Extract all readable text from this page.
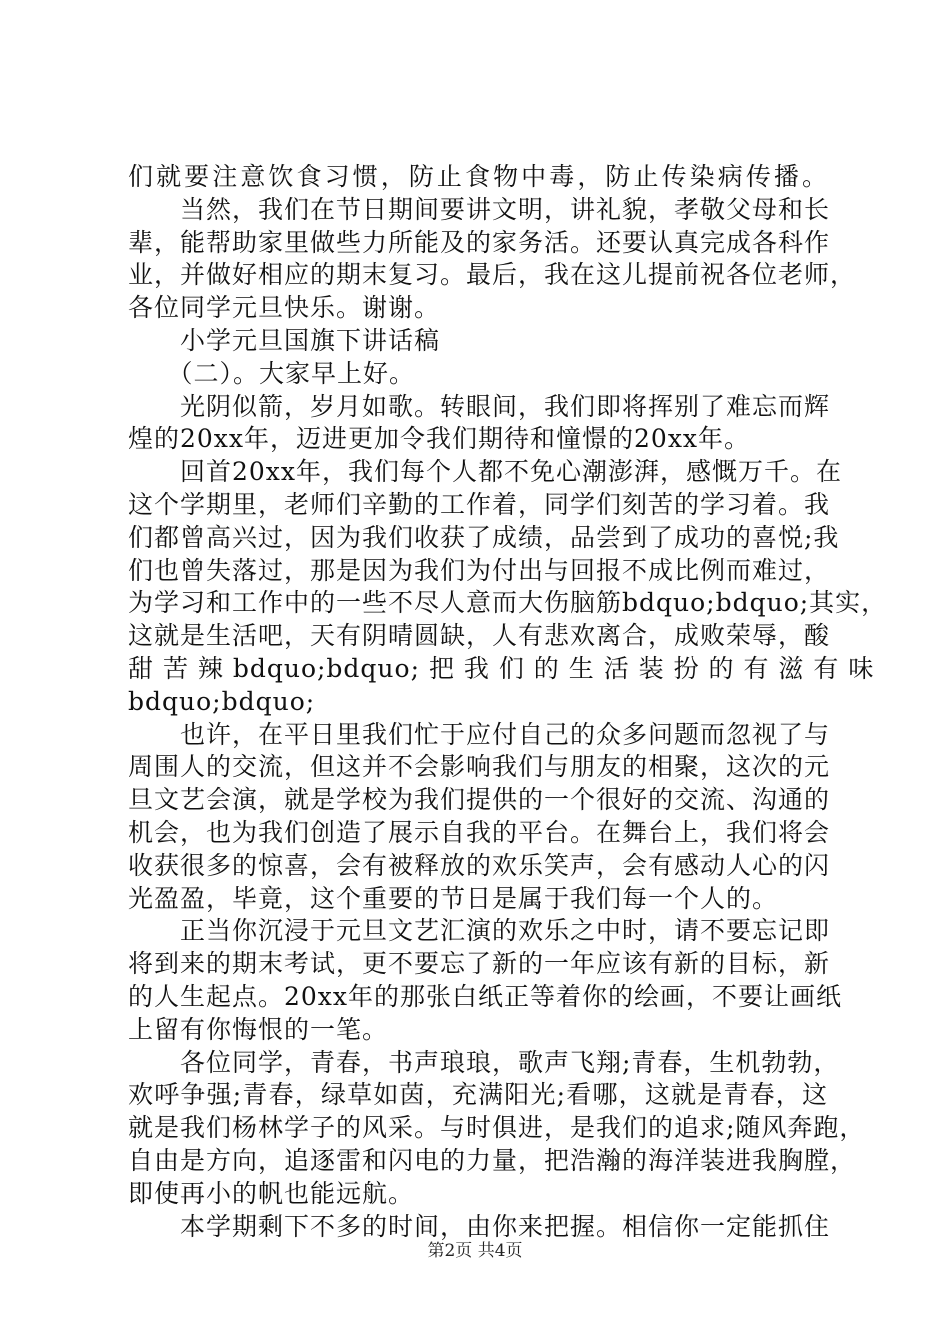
第2页 共4页
们就要注意饮食习惯，防止食物中毒，防止传染病传播。
　　当然，我们在节日期间要讲文明，讲礼貌，孝敬父母和长
辈，能帮助家里做些力所能及的家务活。还要认真完成各科作
业，并做好相应的期末复习。最后，我在这儿提前祝各位老师，
各位同学元旦快乐。谢谢。
　　小学元旦国旗下讲话稿
　　（二）。大家早上好。
　　光阴似箭，岁月如歌。转眼间，我们即将挥别了难忘而辉
煌的20xx年，迈进更加令我们期待和憧憬的20xx年。
　　回首20xx年，我们每个人都不免心潮澎湃，感慨万千。在
这个学期里，老师们辛勤的工作着，同学们刻苦的学习着。我
们都曾高兴过，因为我们收获了成绩，品尝到了成功的喜悦;我
们也曾失落过，那是因为我们为付出与回报不成比例而难过，
为学习和工作中的一些不尽人意而大伤脑筋bdquo;bdquo;其实，
这就是生活吧，天有阴晴圆缺，人有悲欢离合，成败荣辱，酸
甜 苦 辣 bdquo;bdquo; 把 我 们 的 生 活 装 扮 的 有 滋 有 味
bdquo;bdquo;
　　也许，在平日里我们忙于应付自己的众多问题而忽视了与
周围人的交流，但这并不会影响我们与朋友的相聚，这次的元
旦文艺会演，就是学校为我们提供的一个很好的交流、沟通的
机会，也为我们创造了展示自我的平台。在舞台上，我们将会
收获很多的惊喜，会有被释放的欢乐笑声，会有感动人心的闪
光盈盈，毕竟，这个重要的节日是属于我们每一个人的。
　　正当你沉浸于元旦文艺汇演的欢乐之中时，请不要忘记即
将到来的期末考试，更不要忘了新的一年应该有新的目标，新
的人生起点。20xx年的那张白纸正等着你的绘画，不要让画纸
上留有你悔恨的一笔。
　　各位同学，青春，书声琅琅，歌声飞翔;青春，生机勃勃，
欢呼争强;青春，绿草如茵，充满阳光;看哪，这就是青春，这
就是我们杨林学子的风采。与时俱进，是我们的追求;随风奔跑，
自由是方向，追逐雷和闪电的力量，把浩瀚的海洋装进我胸膛，
即使再小的帆也能远航。
　　本学期剩下不多的时间，由你来把握。相信你一定能抓住
